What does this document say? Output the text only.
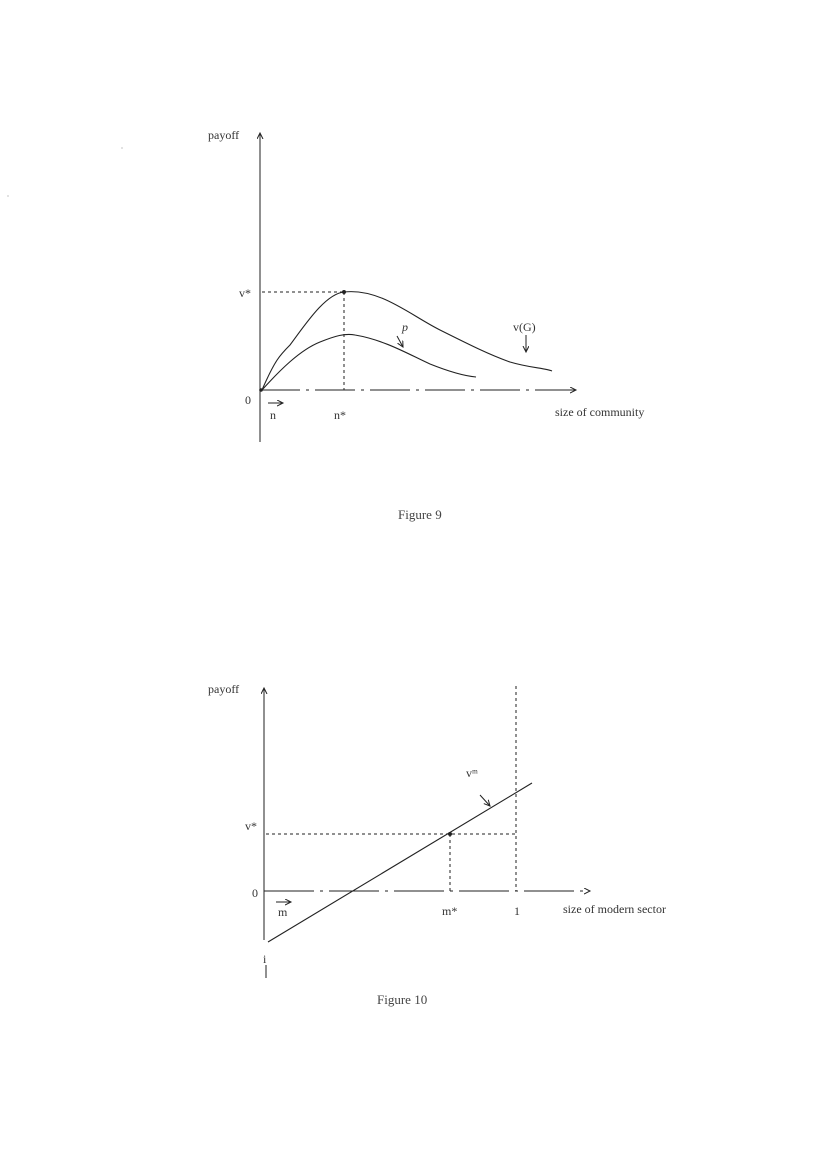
payoff
v*
0
n	n*	size of community
v(G)
p
Figure 9
payoff
v*
0
m	m*	1	size of modern sector
vᵐ
i
Figure 10
